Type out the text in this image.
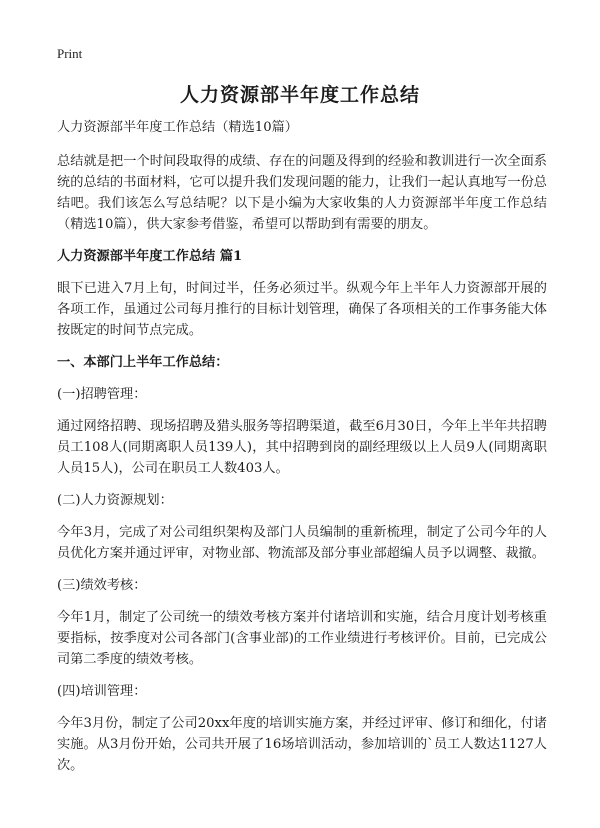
Print
人力资源部半年度工作总结

人力资源部半年度工作总结（精选10篇）

总结就是把一个时间段取得的成绩、存在的问题及得到的经验和教训进行一次全面系统的总结的书面材料，它可以提升我们发现问题的能力，让我们一起认真地写一份总结吧。我们该怎么写总结呢？以下是小编为大家收集的人力资源部半年度工作总结（精选10篇），供大家参考借鉴，希望可以帮助到有需要的朋友。

人力资源部半年度工作总结 篇1

眼下已进入7月上旬，时间过半，任务必须过半。纵观今年上半年人力资源部开展的各项工作，虽通过公司每月推行的目标计划管理，确保了各项相关的工作事务能大体按既定的时间节点完成。

一、本部门上半年工作总结：

(一)招聘管理：

通过网络招聘、现场招聘及猎头服务等招聘渠道，截至6月30日，今年上半年共招聘员工108人(同期离职人员139人)，其中招聘到岗的副经理级以上人员9人(同期离职人员15人)，公司在职员工人数403人。

(二)人力资源规划：

今年3月，完成了对公司组织架构及部门人员编制的重新梳理，制定了公司今年的人员优化方案并通过评审，对物业部、物流部及部分事业部超编人员予以调整、裁撤。

(三)绩效考核：

今年1月，制定了公司统一的绩效考核方案并付诸培训和实施，结合月度计划考核重要指标，按季度对公司各部门(含事业部)的工作业绩进行考核评价。目前，已完成公司第二季度的绩效考核。

(四)培训管理：

今年3月份，制定了公司20xx年度的培训实施方案，并经过评审、修订和细化，付诸实施。从3月份开始，公司共开展了16场培训活动，参加培训的`员工人数达1127人次。
